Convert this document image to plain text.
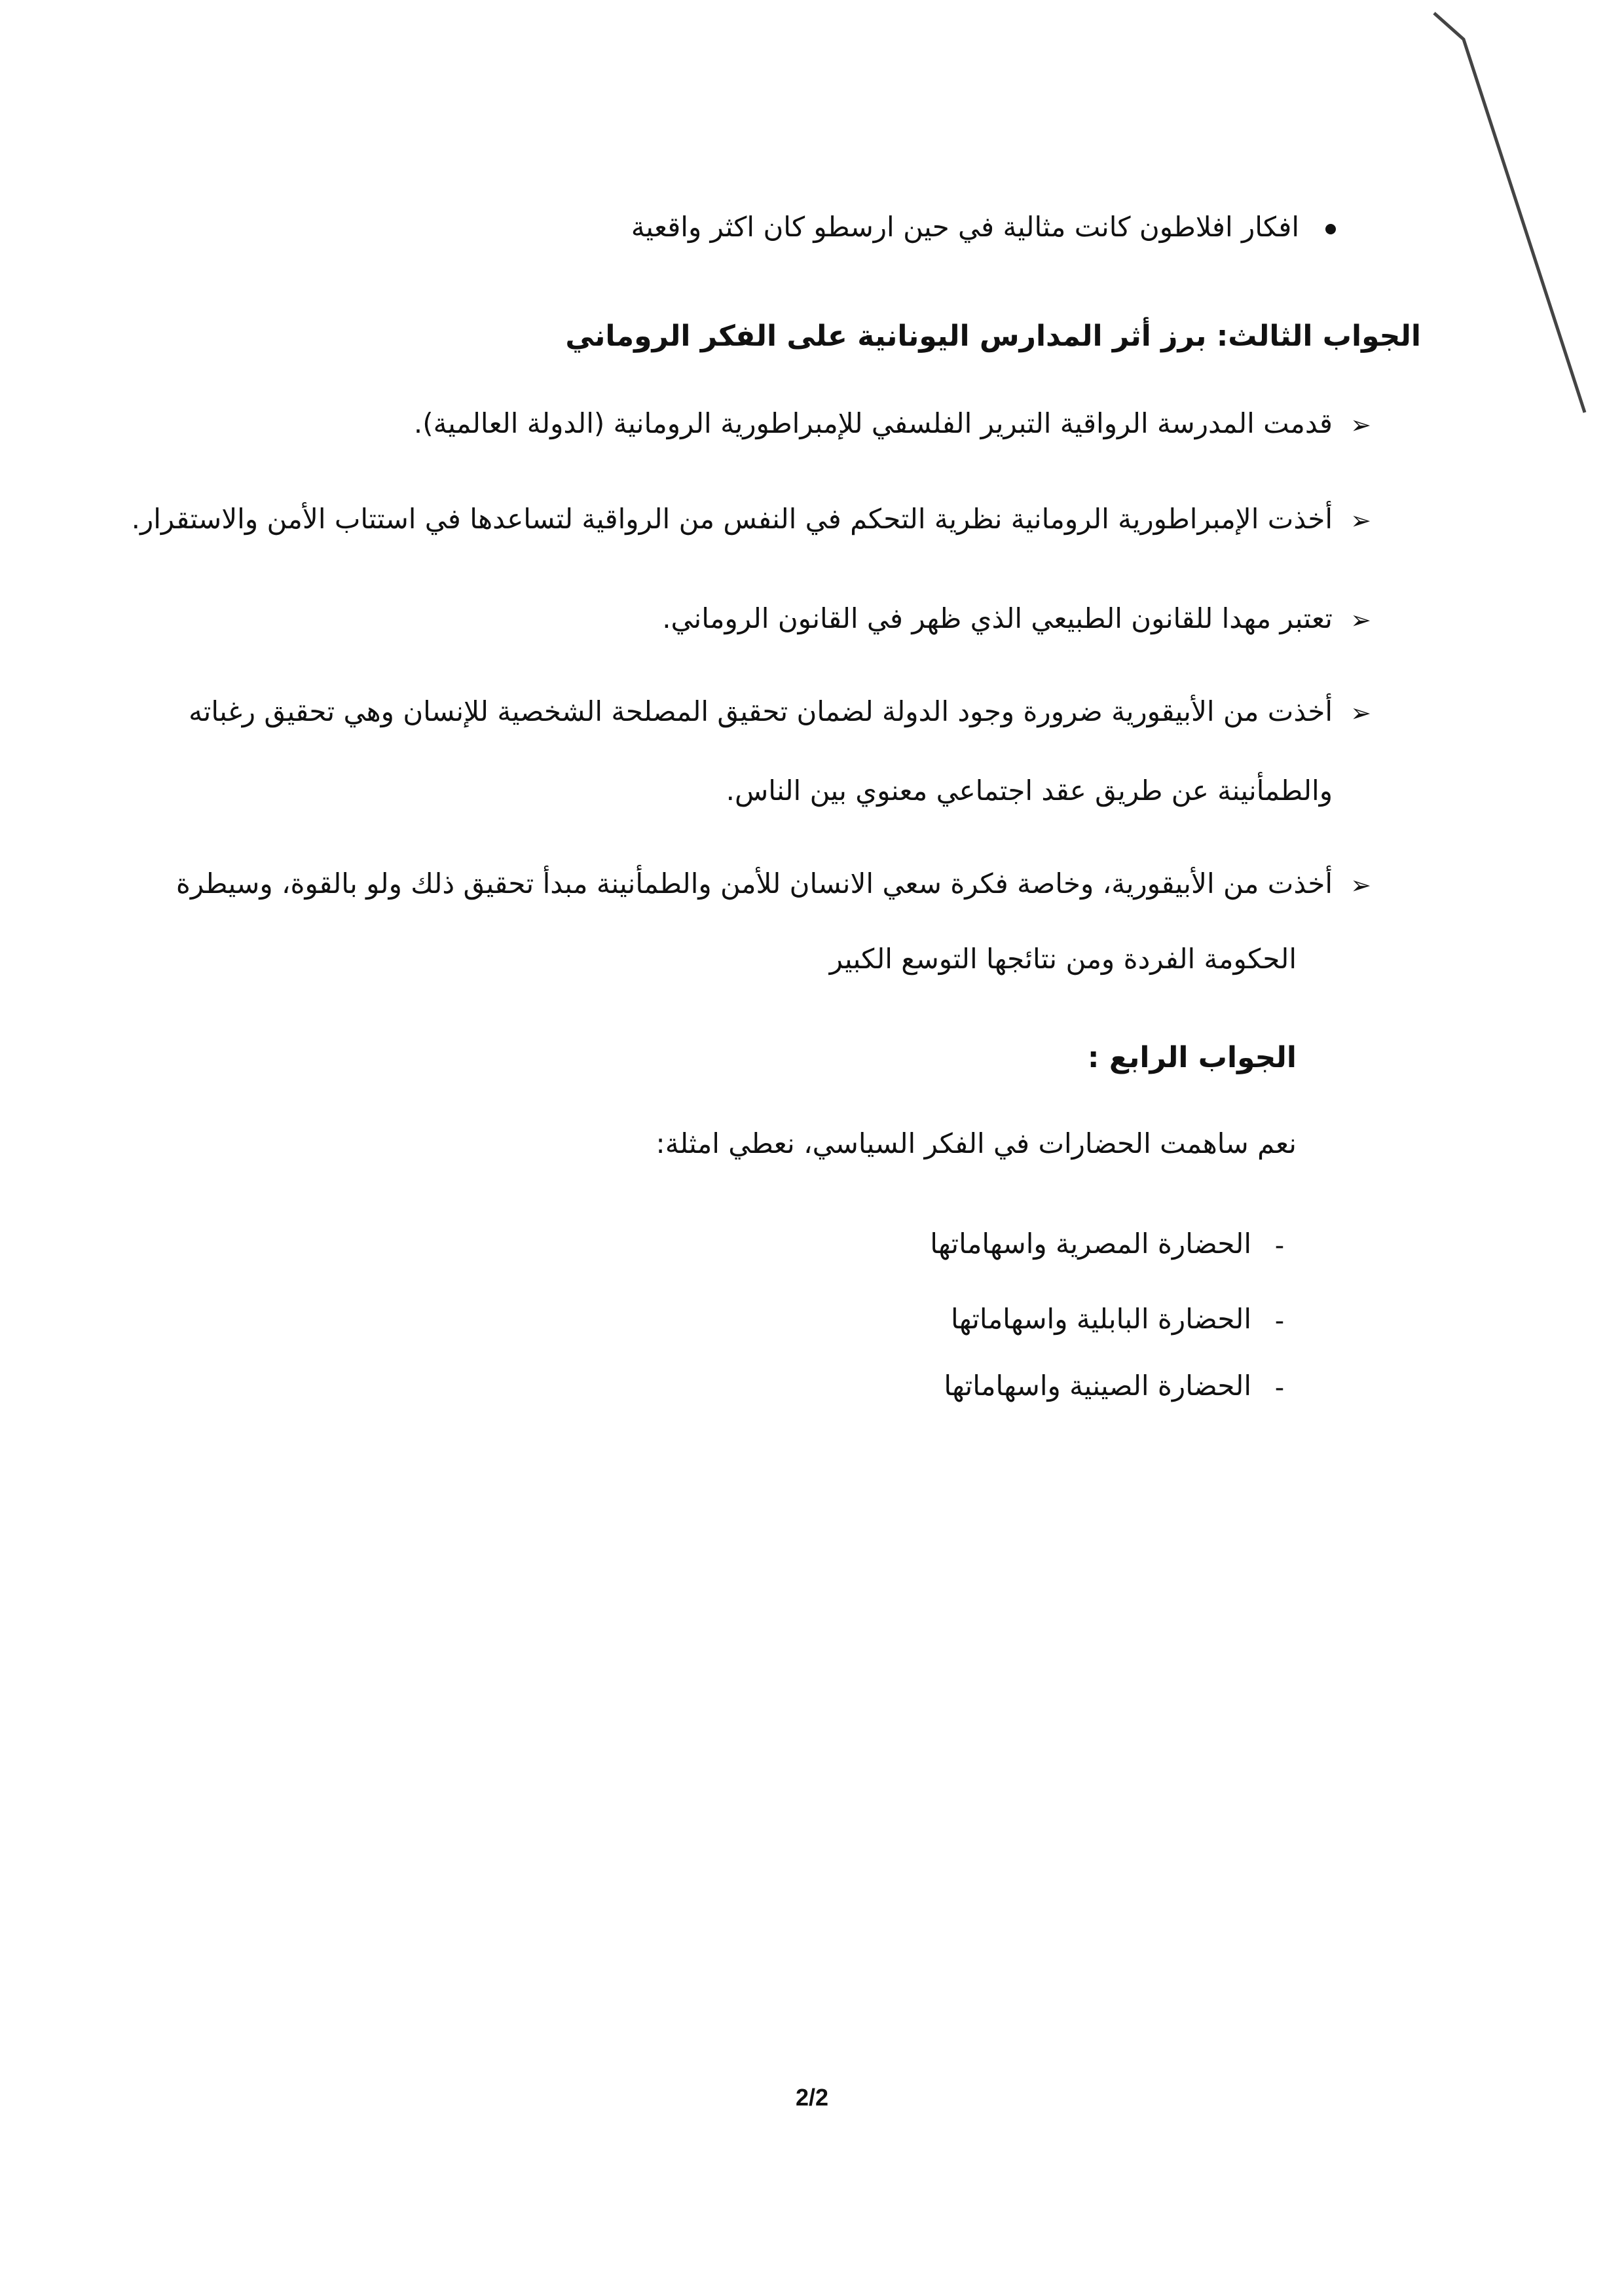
افكار افلاطون كانت مثالية في حين ارسطو كان اكثر واقعية
الجواب الثالث: برز أثر المدارس اليونانية على الفكر الروماني
➢قدمت المدرسة الرواقية التبرير الفلسفي للإمبراطورية الرومانية (الدولة العالمية).
➢أخذت الإمبراطورية الرومانية نظرية التحكم في النفس من الرواقية لتساعدها في استتاب الأمن والاستقرار.
➢تعتبر مهدا للقانون الطبيعي الذي ظهر في القانون الروماني.
➢أخذت من الأبيقورية ضرورة وجود الدولة لضمان تحقيق المصلحة الشخصية للإنسان وهي تحقيق رغباته
والطمأنينة عن طريق عقد اجتماعي معنوي بين الناس.
➢أخذت من الأبيقورية، وخاصة فكرة سعي الانسان للأمن والطمأنينة مبدأ تحقيق ذلك ولو بالقوة، وسيطرة
الحكومة الفردة ومن نتائجها التوسع الكبير
الجواب الرابع :
نعم ساهمت الحضارات في الفكر السياسي، نعطي امثلة:
-الحضارة المصرية واسهاماتها
-الحضارة البابلية واسهاماتها
-الحضارة الصينية واسهاماتها
2/2
